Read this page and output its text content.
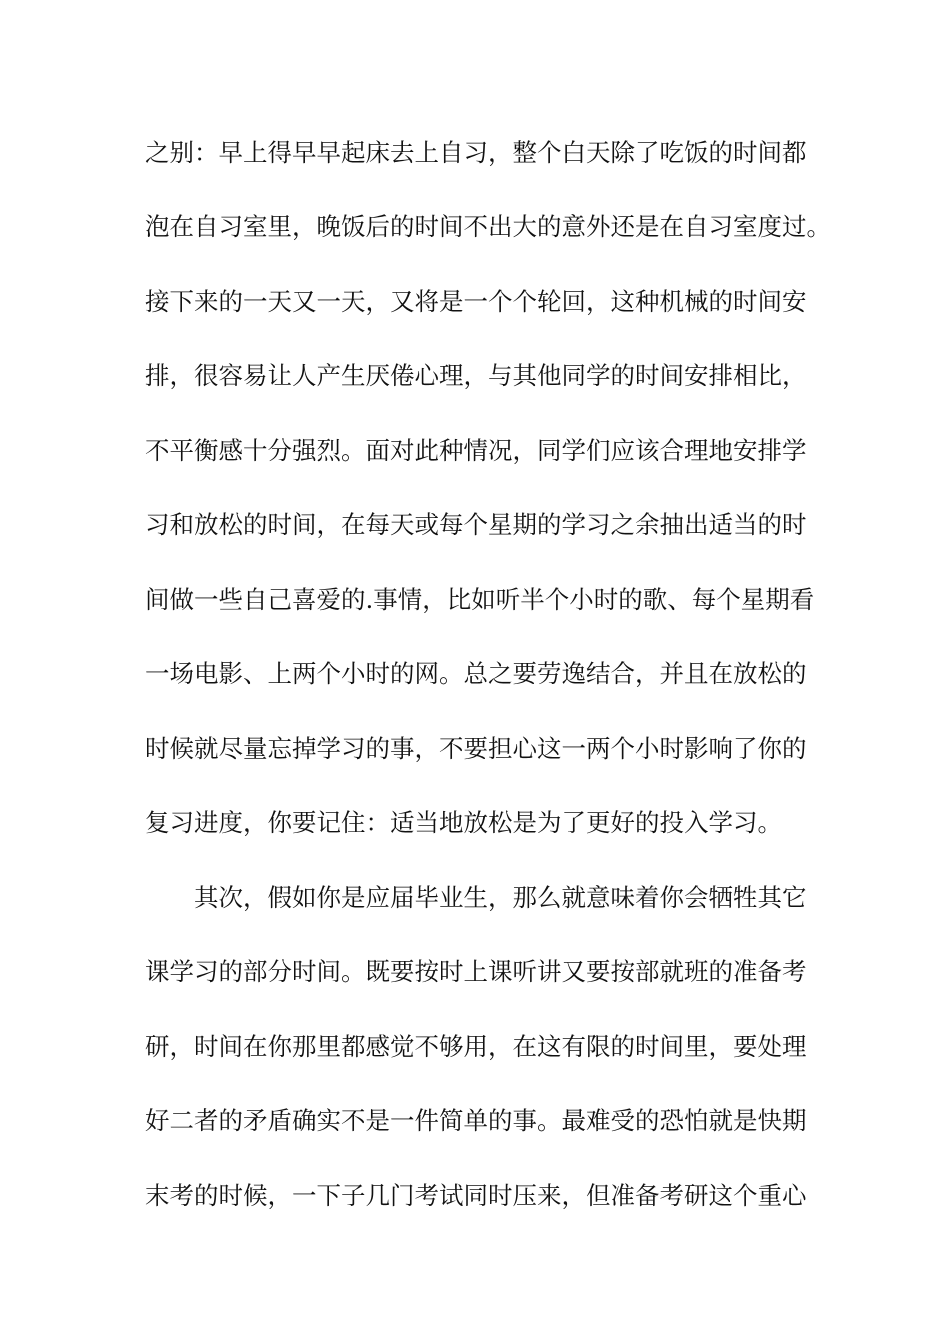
之别：早上得早早起床去上自习，整个白天除了吃饭的时间都
泡在自习室里，晚饭后的时间不出大的意外还是在自习室度过。
接下来的一天又一天，又将是一个个轮回，这种机械的时间安
排，很容易让人产生厌倦心理，与其他同学的时间安排相比，
不平衡感十分强烈。面对此种情况，同学们应该合理地安排学
习和放松的时间，在每天或每个星期的学习之余抽出适当的时
间做一些自己喜爱的.事情，比如听半个小时的歌、每个星期看
一场电影、上两个小时的网。总之要劳逸结合，并且在放松的
时候就尽量忘掉学习的事，不要担心这一两个小时影响了你的
复习进度，你要记住：适当地放松是为了更好的投入学习。
　　其次，假如你是应届毕业生，那么就意味着你会牺牲其它
课学习的部分时间。既要按时上课听讲又要按部就班的准备考
研，时间在你那里都感觉不够用，在这有限的时间里，要处理
好二者的矛盾确实不是一件简单的事。最难受的恐怕就是快期
末考的时候，一下子几门考试同时压来，但准备考研这个重心
